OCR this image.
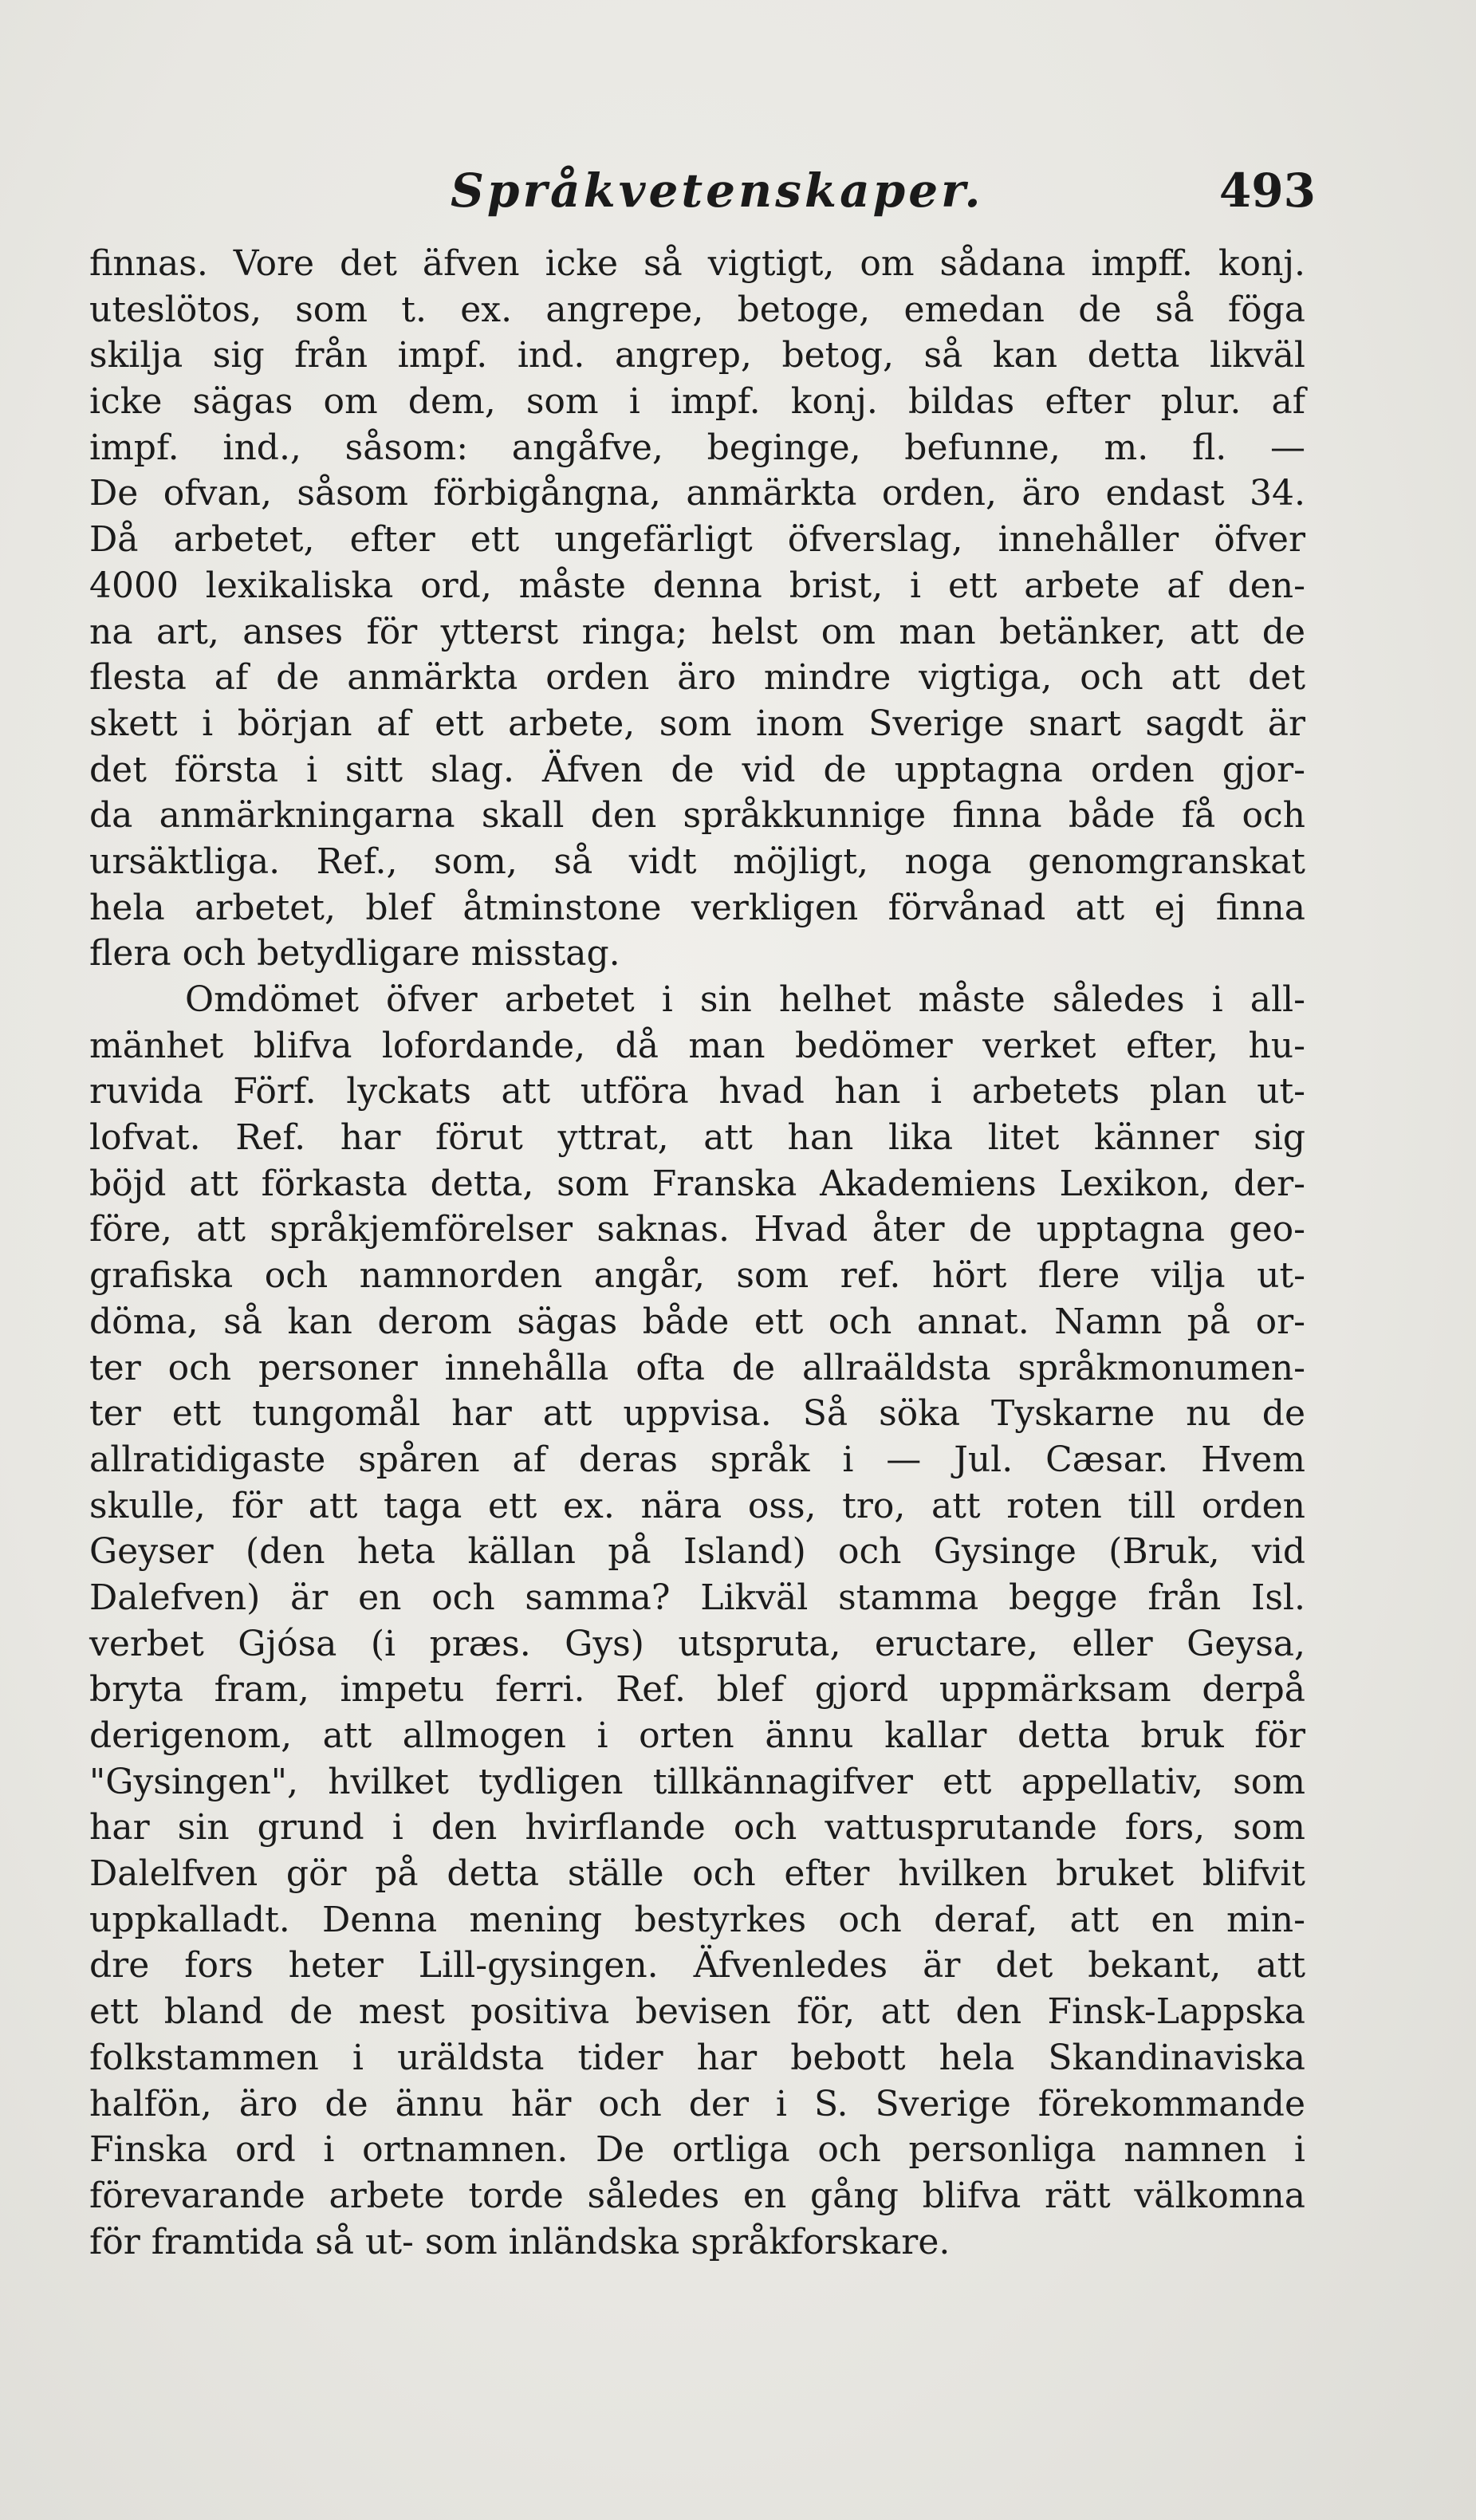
Språkvetenskaper.	493
finnas. Vore det äfven icke så vigtigt, om sådana impff. konj.
uteslötos, som t. ex. angrepe, betoge, emedan de så föga
skilja sig från impf. ind. angrep, betog, så kan detta likväl
icke sägas om dem, som i impf. konj. bildas efter plur. af
impf. ind., såsom: angåfve, beginge, befunne, m. fl. —
De ofvan, såsom förbigångna, anmärkta orden, äro endast 34.
Då arbetet, efter ett ungefärligt öfverslag, innehåller öfver
4000 lexikaliska ord, måste denna brist, i ett arbete af den-
na art, anses för ytterst ringa; helst om man betänker, att de
flesta af de anmärkta orden äro mindre vigtiga, och att det
skett i början af ett arbete, som inom Sverige snart sagdt är
det första i sitt slag. Äfven de vid de upptagna orden gjor-
da anmärkningarna skall den språkkunnige finna både få och
ursäktliga. Ref., som, så vidt möjligt, noga genomgranskat
hela arbetet, blef åtminstone verkligen förvånad att ej finna
flera och betydligare misstag.
Omdömet öfver arbetet i sin helhet måste således i all-
mänhet blifva lofordande, då man bedömer verket efter, hu-
ruvida Förf. lyckats att utföra hvad han i arbetets plan ut-
lofvat. Ref. har förut yttrat, att han lika litet känner sig
böjd att förkasta detta, som Franska Akademiens Lexikon, der-
före, att språkjemförelser saknas. Hvad åter de upptagna geo-
grafiska och namnorden angår, som ref. hört flere vilja ut-
döma, så kan derom sägas både ett och annat. Namn på or-
ter och personer innehålla ofta de allraäldsta språkmonumen-
ter ett tungomål har att uppvisa. Så söka Tyskarne nu de
allratidigaste spåren af deras språk i — Jul. Cæsar. Hvem
skulle, för att taga ett ex. nära oss, tro, att roten till orden
Geyser (den heta källan på Island) och Gysinge (Bruk, vid
Dalefven) är en och samma? Likväl stamma begge från Isl.
verbet Gjósa (i præs. Gys) utspruta, eructare, eller Geysa,
bryta fram, impetu ferri. Ref. blef gjord uppmärksam derpå
derigenom, att allmogen i orten ännu kallar detta bruk för
"Gysingen", hvilket tydligen tillkännagifver ett appellativ, som
har sin grund i den hvirflande och vattusprutande fors, som
Dalelfven gör på detta ställe och efter hvilken bruket blifvit
uppkalladt. Denna mening bestyrkes och deraf, att en min-
dre fors heter Lill-gysingen. Äfvenledes är det bekant, att
ett bland de mest positiva bevisen för, att den Finsk-Lappska
folkstammen i uräldsta tider har bebott hela Skandinaviska
halfön, äro de ännu här och der i S. Sverige förekommande
Finska ord i ortnamnen. De ortliga och personliga namnen i
förevarande arbete torde således en gång blifva rätt välkomna
för framtida så ut- som inländska språkforskare.
